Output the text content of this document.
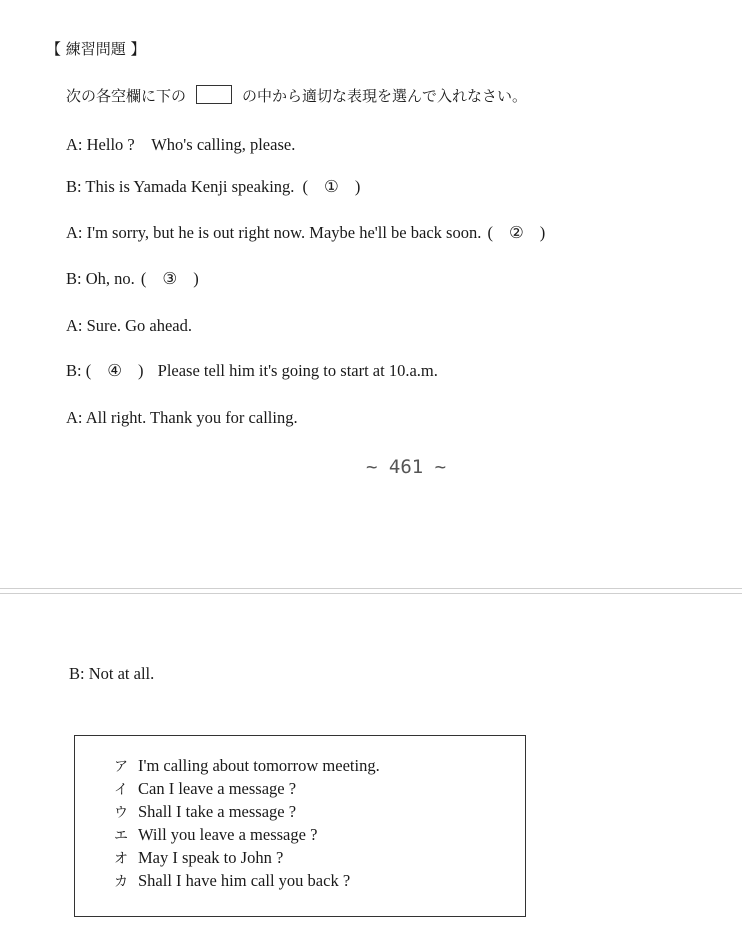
【 練習問題 】
次の各空欄に下の	の中から適切な表現を選んで入れなさい。
A: Hello ?　Who's calling, please.
B: This is Yamada Kenji speaking. ( ① )
A: I'm sorry, but he is out right now. Maybe he'll be back soon. ( ② )
B: Oh, no. ( ③ )
A: Sure. Go ahead.
B: ( ④ ) Please tell him it's going to start at 10.a.m.
A: All right. Thank you for calling.
~ 461 ~
B: Not at all.
ア I'm calling about tomorrow meeting.
イ Can I leave a message ?
ウ Shall I take a message ?
エ Will you leave a message ?
オ May I speak to John ?
カ Shall I have him call you back ?
